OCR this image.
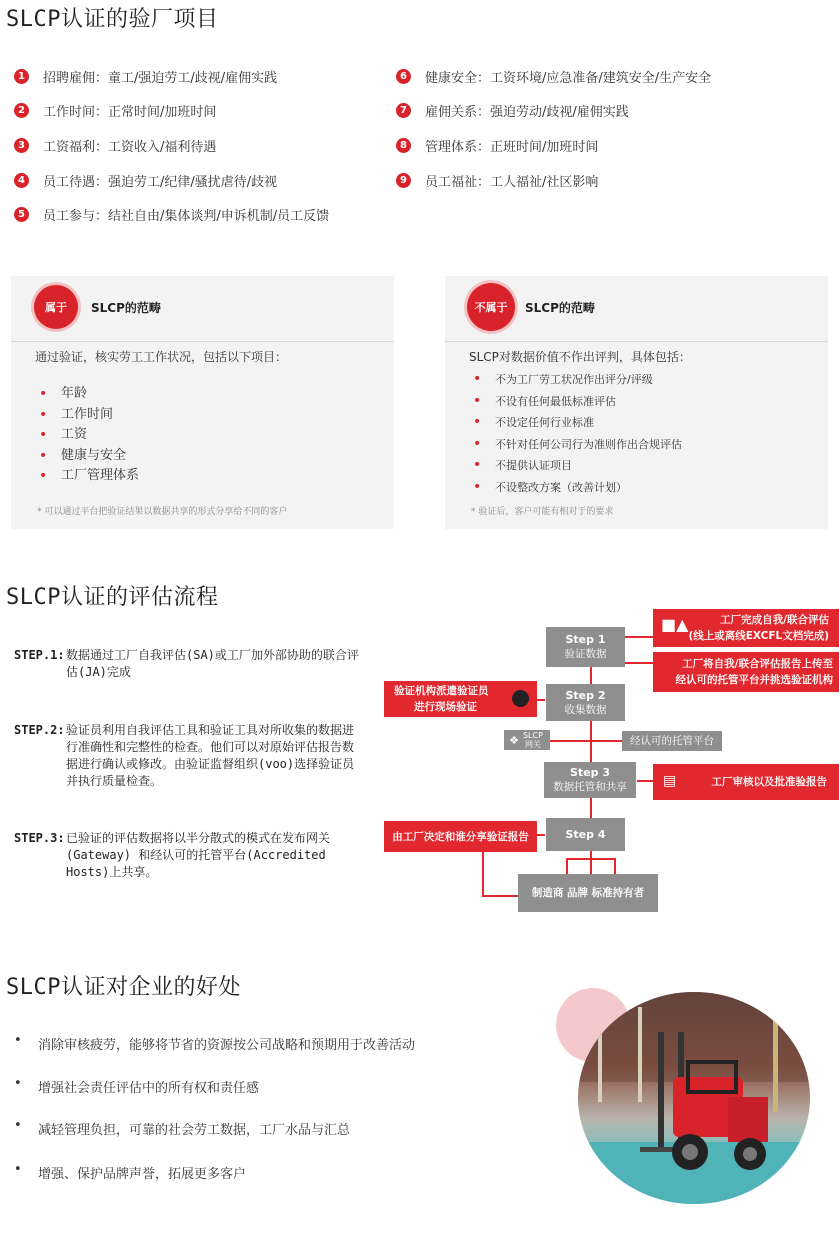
SLCP认证的验厂项目
1	招聘雇佣：童工/强迫劳工/歧视/雇佣实践
2	工作时间：正常时间/加班时间
3	工资福利：工资收入/福利待遇
4	员工待遇：强迫劳工/纪律/骚扰虐待/歧视
5	员工参与：结社自由/集体谈判/申诉机制/员工反馈
6	健康安全：工资环境/应急准备/建筑安全/生产安全
7	雇佣关系：强迫劳动/歧视/雇佣实践
8	管理体系：正班时间/加班时间
9	员工福祉：工人福祉/社区影响
属于	SLCP的范畴
通过验证，核实劳工工作状况，包括以下项目：
• 年龄
• 工作时间
• 工资
• 健康与安全
• 工厂管理体系
* 可以通过平台把验证结果以数据共享的形式分享给不同的客户
不属于	SLCP的范畴
SLCP对数据价值不作出评判，具体包括：
• 不为工厂劳工状况作出评分/评级
• 不设有任何最低标准评估
• 不设定任何行业标准
• 不针对任何公司行为准则作出合规评估
• 不提供认证项目
• 不设整改方案（改善计划）
* 验证后，客户可能有相对于的要求
SLCP认证的评估流程
STEP.1: 数据通过工厂自我评估(SA)或工厂加外部协助的联合评估(JA)完成
STEP.2: 验证员利用自我评估工具和验证工具对所收集的数据进行准确性和完整性的检查。他们可以对原始评估报告数据进行确认或修改。由验证监督组织(voo)选择验证员并执行质量检查。
STEP.3: 已验证的评估数据将以半分散式的模式在发布网关(Gateway) 和经认可的托管平台(Accredited Hosts)上共享。
Step 1
验证数据
Step 2
收集数据
Step 3
数据托管和共享
Step 4
■▲	工厂完成自我/联合评估
(线上或离线EXCFL文档完成)
工厂将自我/联合评估报告上传至
经认可的托管平台并挑选验证机构
验证机构派遣验证员
进行现场验证
❖ SLCP 网关	经认可的托管平台
▤	工厂审核以及批准验报告
由工厂决定和谁分享验证报告
制造商 品牌 标准持有者
SLCP认证对企业的好处
• 消除审核疲劳，能够将节省的资源按公司战略和预期用于改善活动
• 增强社会责任评估中的所有权和责任感
• 减轻管理负担，可靠的社会劳工数据，工厂水品与汇总
• 增强、保护品牌声誉，拓展更多客户
